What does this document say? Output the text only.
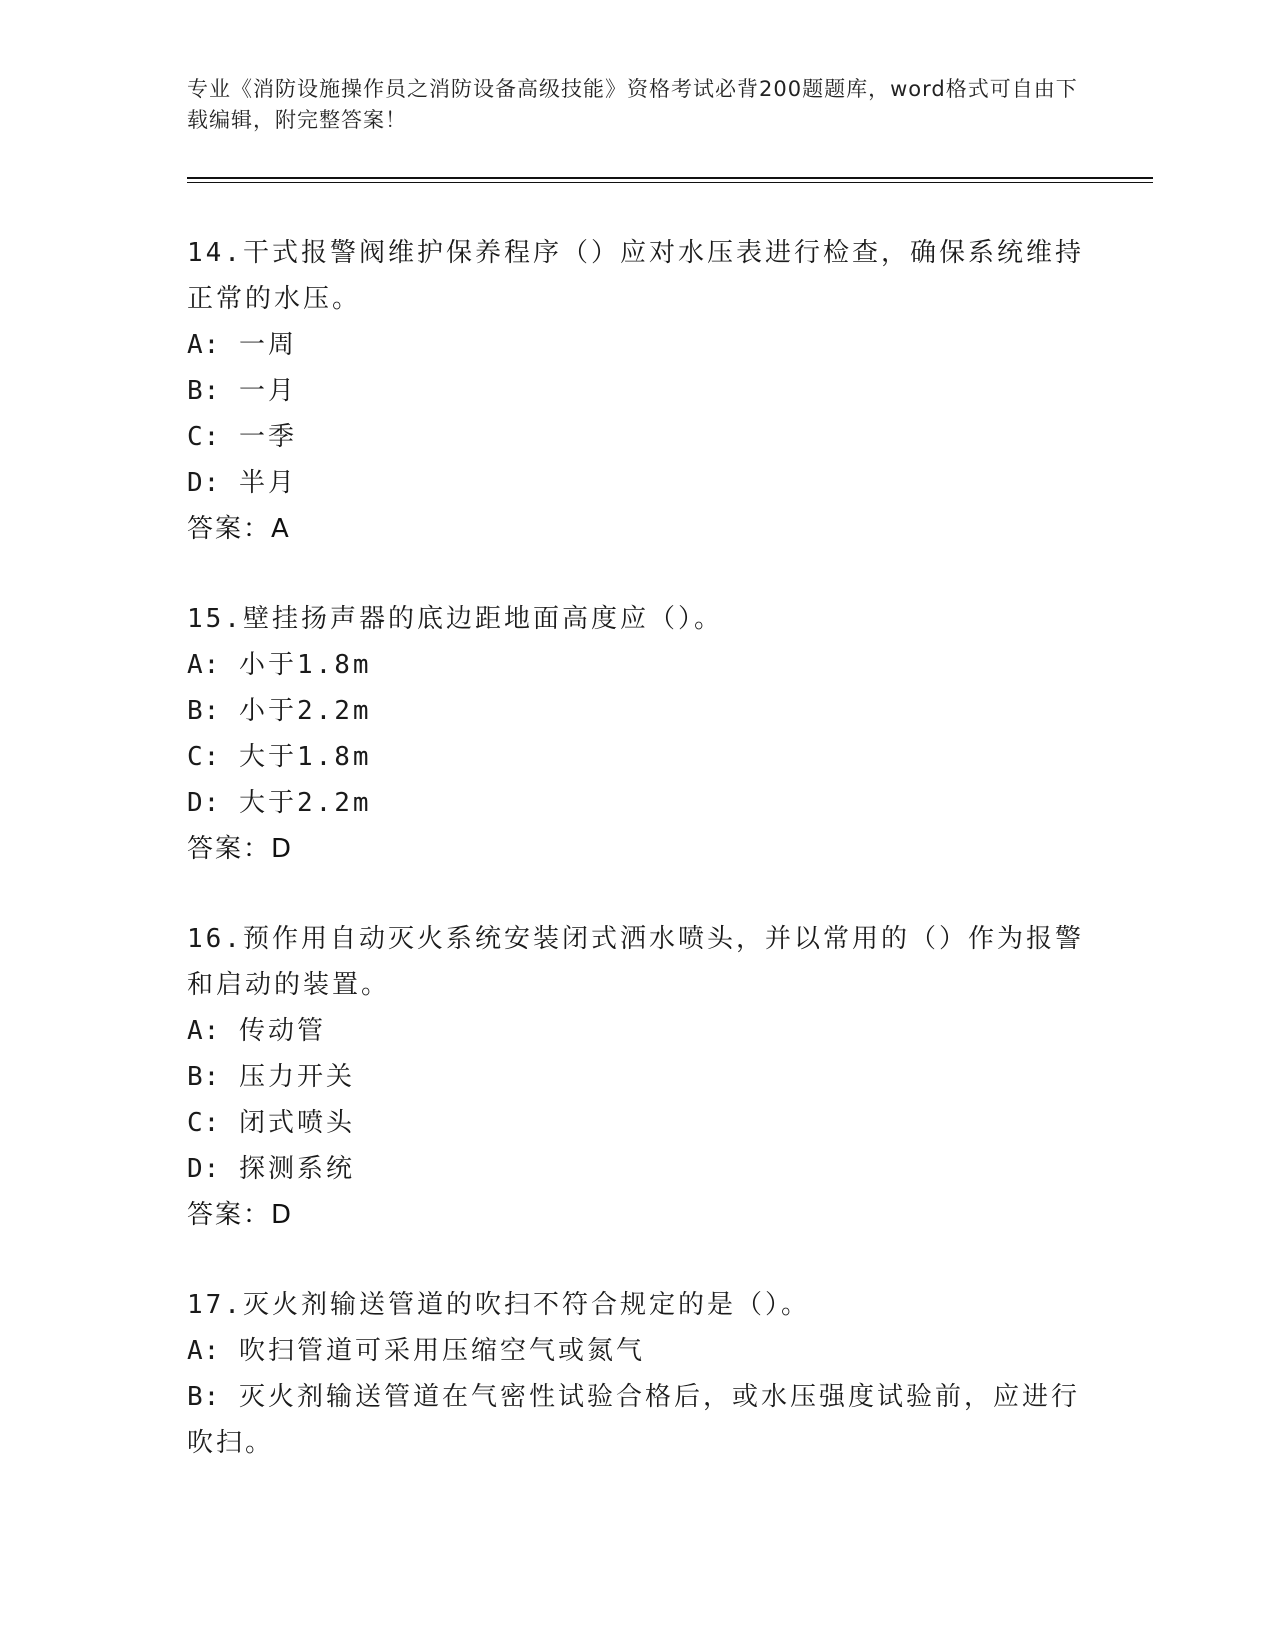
专业《消防设施操作员之消防设备高级技能》资格考试必背200题题库，word格式可自由下载编辑，附完整答案！
14.干式报警阀维护保养程序（）应对水压表进行检查，确保系统维持正常的水压。
A: 一周
B: 一月
C: 一季
D: 半月
答案：A
15.壁挂扬声器的底边距地面高度应（）。
A: 小于1.8m
B: 小于2.2m
C: 大于1.8m
D: 大于2.2m
答案：D
16.预作用自动灭火系统安装闭式洒水喷头，并以常用的（）作为报警和启动的装置。
A: 传动管
B: 压力开关
C: 闭式喷头
D: 探测系统
答案：D
17.灭火剂输送管道的吹扫不符合规定的是（）。
A: 吹扫管道可采用压缩空气或氮气
B: 灭火剂输送管道在气密性试验合格后，或水压强度试验前，应进行吹扫。
